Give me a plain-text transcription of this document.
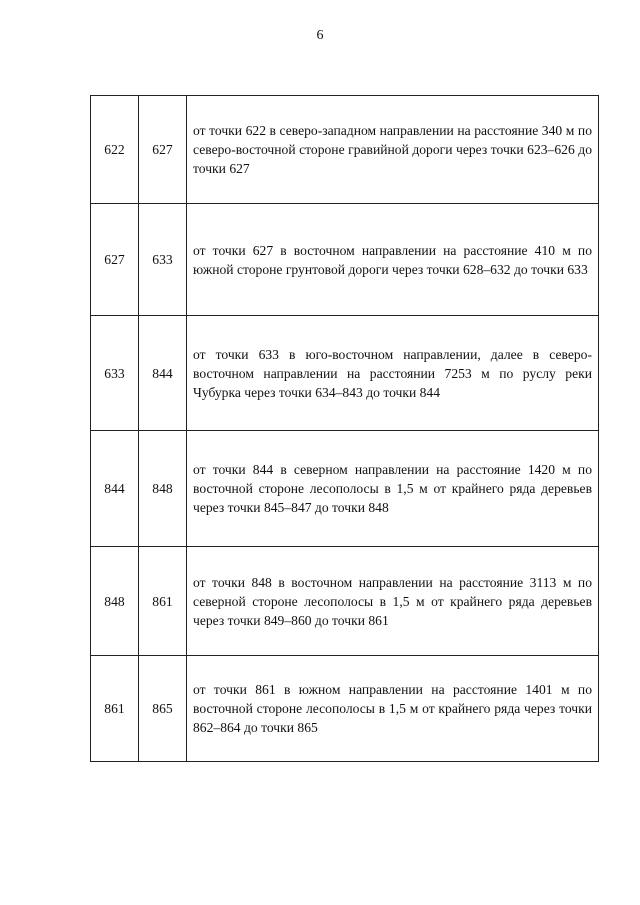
6
622	627	от точки 622 в северо-западном направлении на расстояние 340 м по северо-восточной стороне гравийной дороги через точки 623–626 до точки 627
627	633	от точки 627 в восточном направлении на расстояние 410 м по южной стороне грунтовой дороги через точки 628–632 до точки 633
633	844	от точки 633 в юго-восточном направлении, далее в северо-восточном направлении на расстоянии 7253 м по руслу реки Чубурка через точки 634–843 до точки 844
844	848	от точки 844 в северном направлении на расстояние 1420 м по восточной стороне лесополосы в 1,5 м от крайнего ряда деревьев через точки 845–847 до точки 848
848	861	от точки 848 в восточном направлении на расстояние 3113 м по северной стороне лесополосы в 1,5 м от крайнего ряда деревьев через точки 849–860 до точки 861
861	865	от точки 861 в южном направлении на расстояние 1401 м по восточной стороне лесополосы в 1,5 м от крайнего ряда через точки 862–864 до точки 865
